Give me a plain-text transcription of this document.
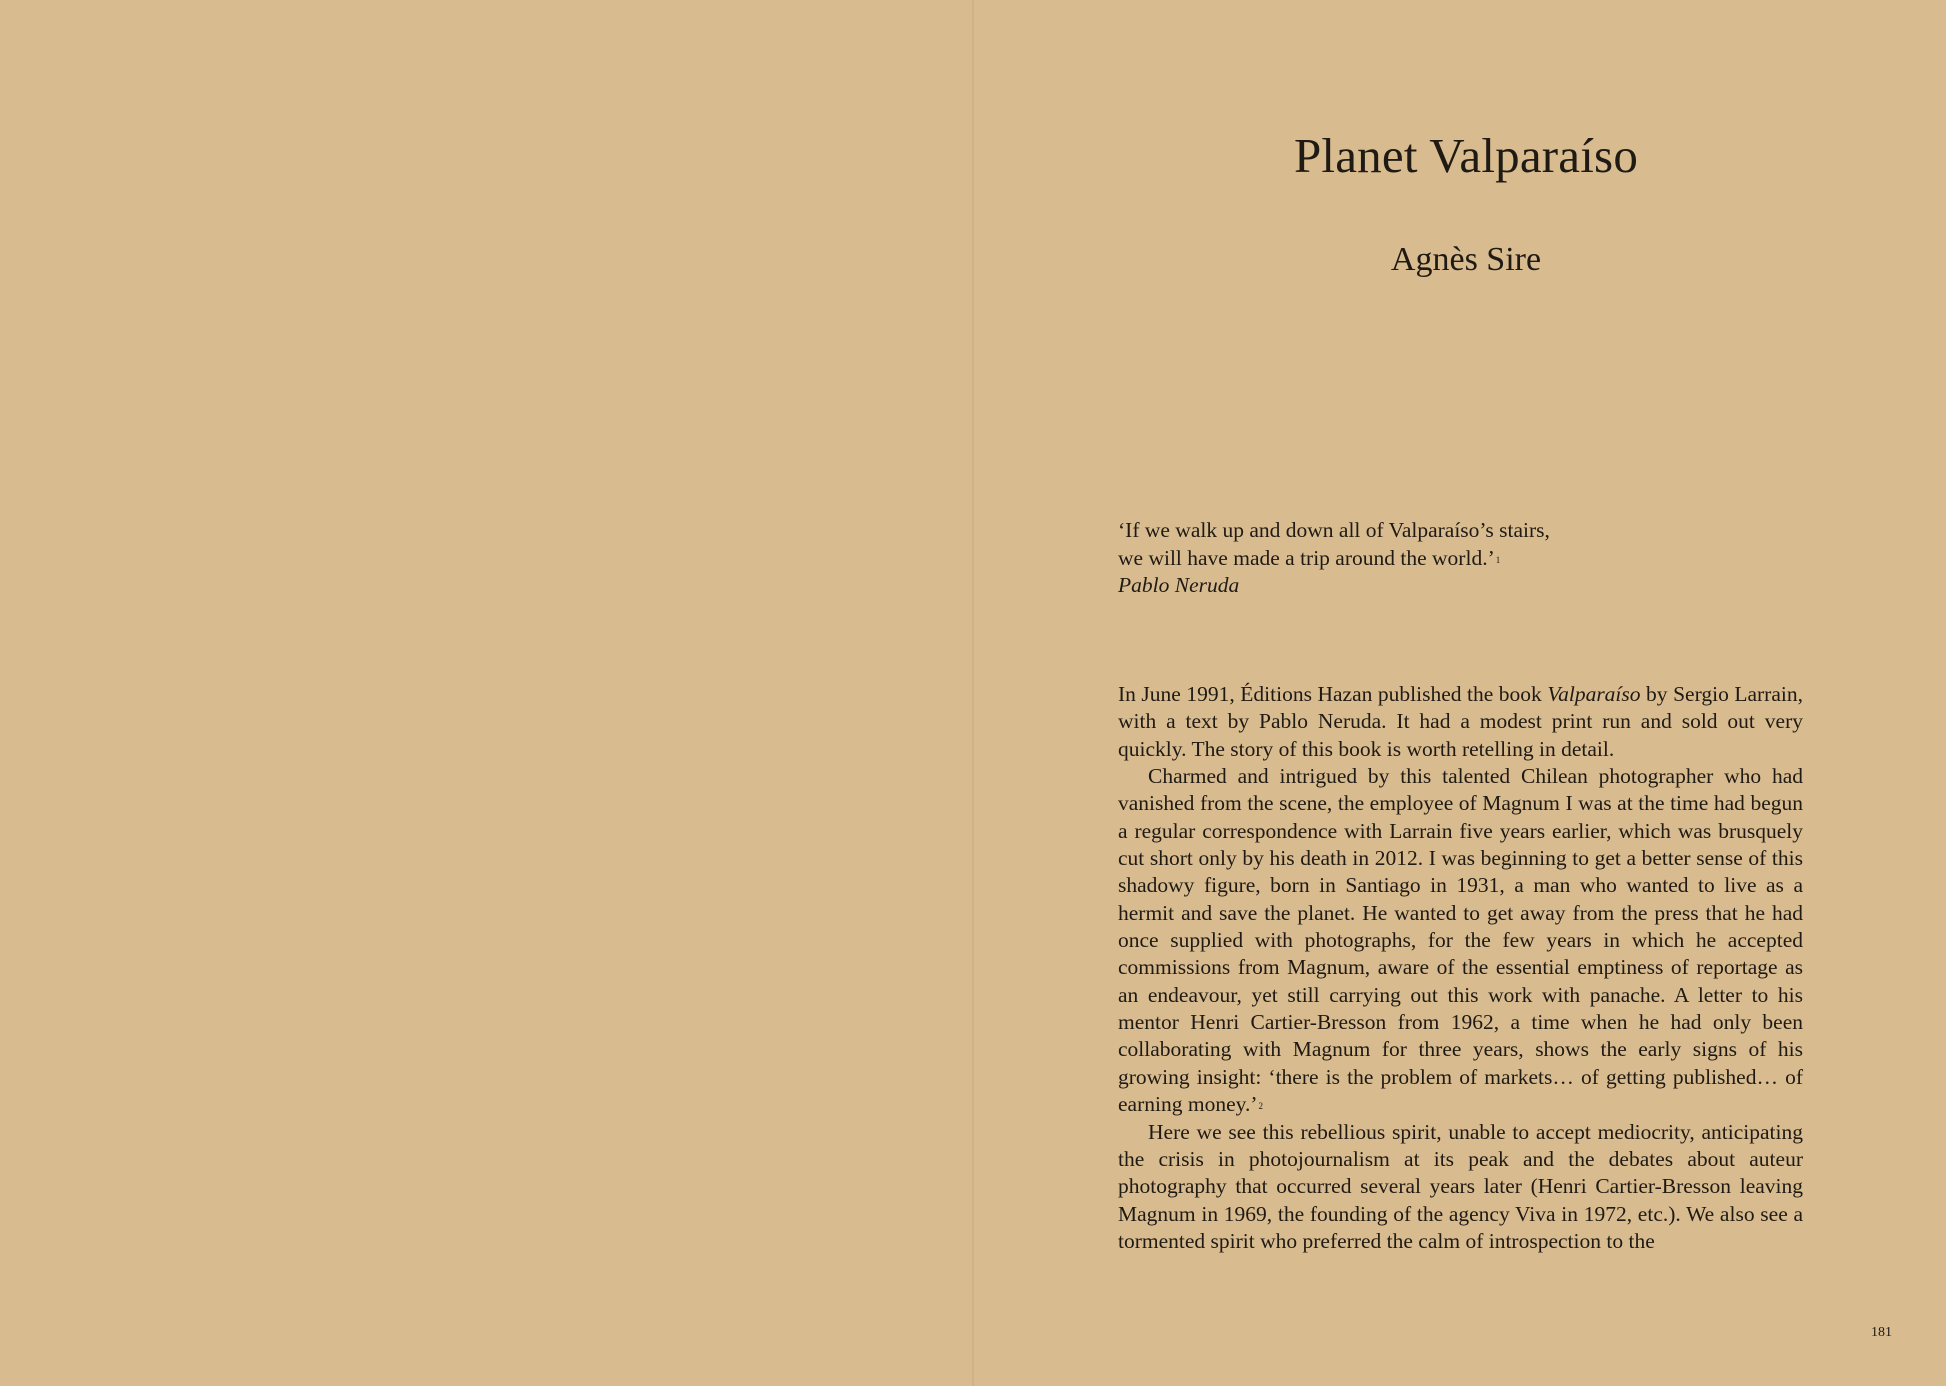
Planet Valparaíso
Agnès Sire
‘If we walk up and down all of Valparaíso’s stairs,
we will have made a trip around the world.’$^1$
Pablo Neruda

In June 1991, Éditions Hazan published the book Valparaíso by Sergio Larrain, with a text by Pablo Neruda. It had a modest print run and sold out very quickly. The story of this book is worth retelling in detail.

Charmed and intrigued by this talented Chilean photographer who had vanished from the scene, the employee of Magnum I was at the time had begun a regular correspondence with Larrain five years earlier, which was brusquely cut short only by his death in 2012. I was beginning to get a better sense of this shadowy figure, born in Santiago in 1931, a man who wanted to live as a hermit and save the planet. He wanted to get away from the press that he had once supplied with photographs, for the few years in which he accepted commissions from Magnum, aware of the essential emptiness of reportage as an endeavour, yet still carrying out this work with panache. A letter to his mentor Henri Cartier-Bresson from 1962, a time when he had only been collaborating with Magnum for three years, shows the early signs of his growing insight: ‘there is the problem of markets… of getting published… of earning money.’$^2$

Here we see this rebellious spirit, unable to accept mediocrity, anticipating the crisis in photojournalism at its peak and the debates about auteur photography that occurred several years later (Henri Cartier-Bresson leaving Magnum in 1969, the founding of the agency Viva in 1972, etc.). We also see a tormented spirit who preferred the calm of introspection to the

181
